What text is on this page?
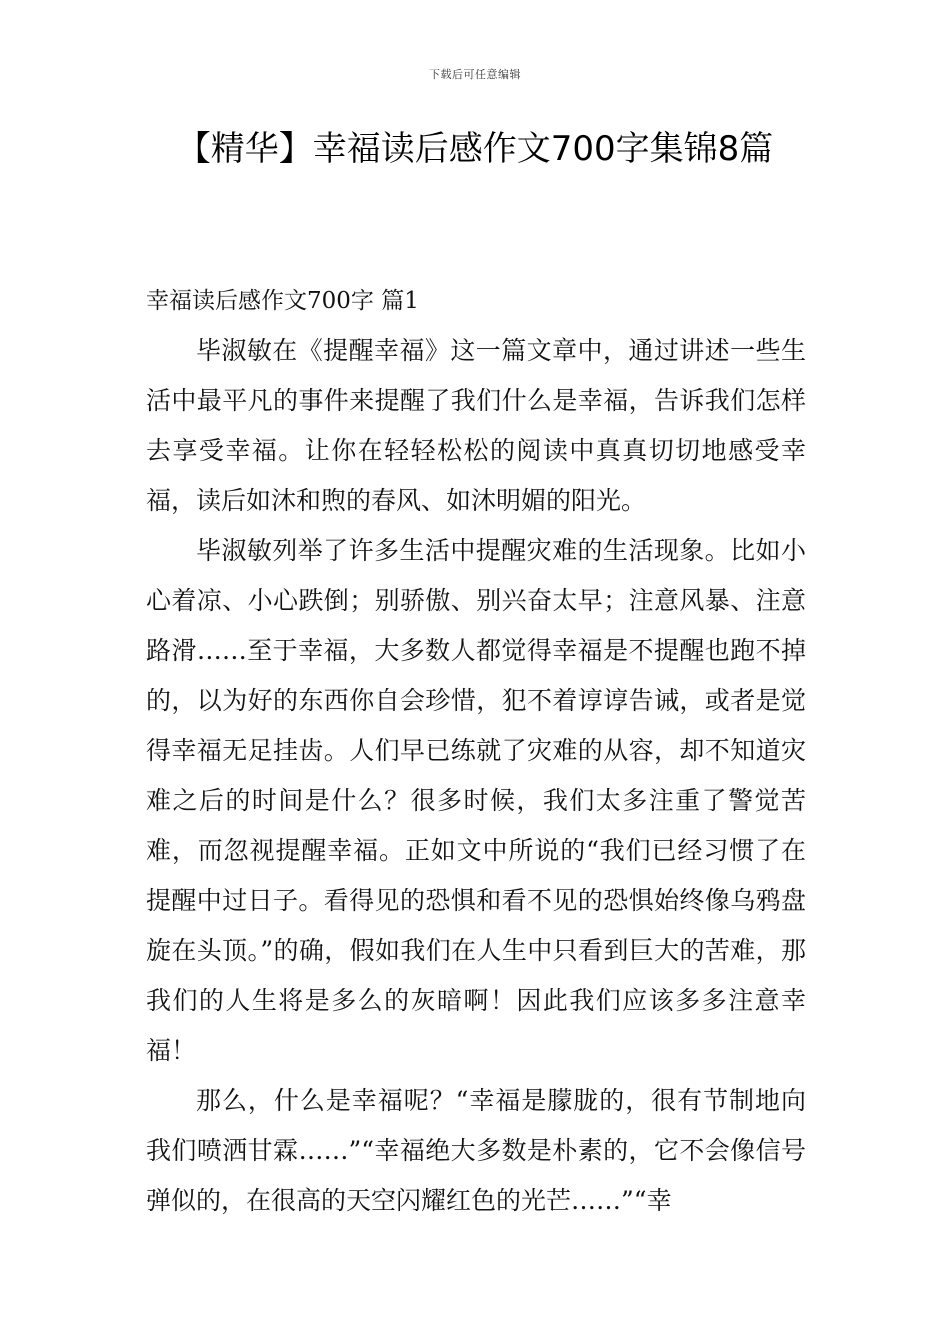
下载后可任意编辑
【精华】幸福读后感作文700字集锦8篇

幸福读后感作文700字 篇1

毕淑敏在《提醒幸福》这一篇文章中，通过讲述一些生活中最平凡的事件来提醒了我们什么是幸福，告诉我们怎样去享受幸福。让你在轻轻松松的阅读中真真切切地感受幸福，读后如沐和煦的春风、如沐明媚的阳光。

毕淑敏列举了许多生活中提醒灾难的生活现象。比如小心着凉、小心跌倒；别骄傲、别兴奋太早；注意风暴、注意路滑……至于幸福，大多数人都觉得幸福是不提醒也跑不掉的，以为好的东西你自会珍惜，犯不着谆谆告诫，或者是觉得幸福无足挂齿。人们早已练就了灾难的从容，却不知道灾难之后的时间是什么？很多时候，我们太多注重了警觉苦难，而忽视提醒幸福。正如文中所说的“我们已经习惯了在提醒中过日子。看得见的恐惧和看不见的恐惧始终像乌鸦盘旋在头顶。”的确，假如我们在人生中只看到巨大的苦难，那我们的人生将是多么的灰暗啊！因此我们应该多多注意幸福！

那么，什么是幸福呢？“幸福是朦胧的，很有节制地向我们喷洒甘霖……”“幸福绝大多数是朴素的，它不会像信号弹似的，在很高的天空闪耀红色的光芒……”“幸
